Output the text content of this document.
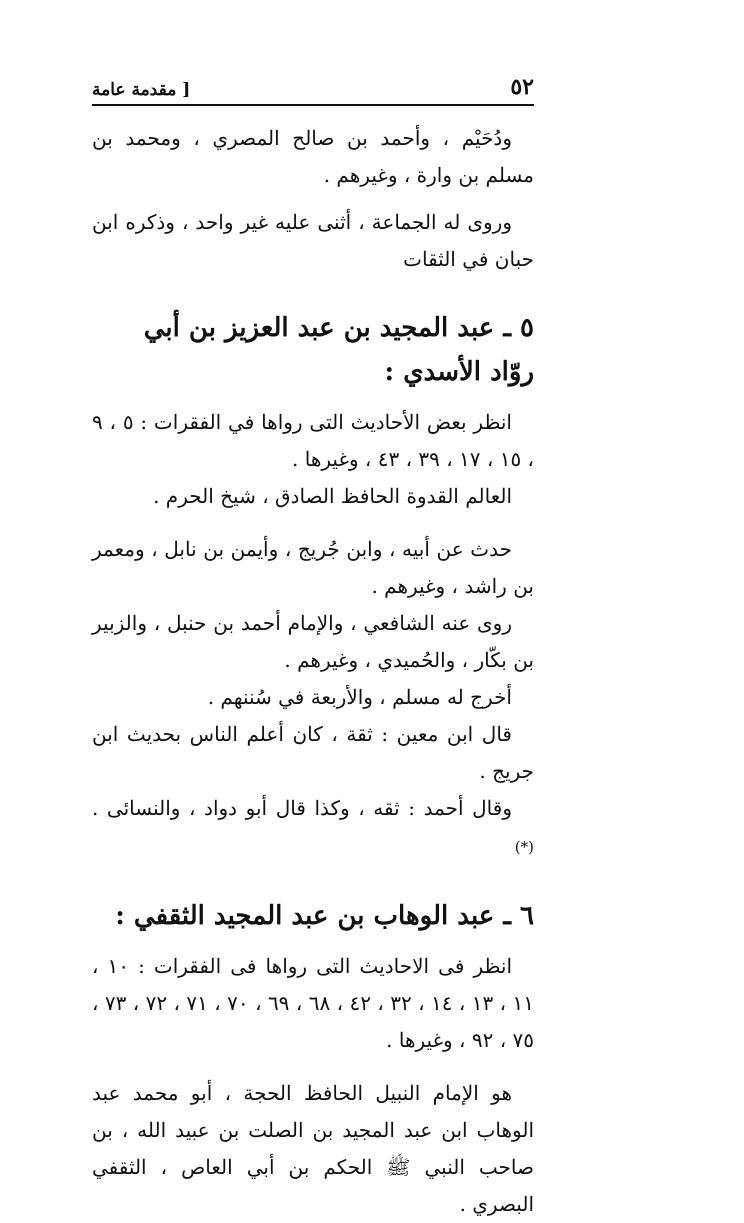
٥٢
[ مقدمة عامة

ودُحَيْم ، وأحمد بن صالح المصري ، ومحمد بن مسلم بن وارة ، وغيرهم .

وروى له الجماعة ، أثنى عليه غير واحد ، وذكره ابن حبان في الثقات

٥ ـ عبد المجيد بن عبد العزيز بن أبي روّاد الأسدي :

انظر بعض الأحاديث التى رواها في الفقرات : ٥ ، ٩ ، ١٥ ، ١٧ ، ٣٩ ، ٤٣ ، وغيرها .

العالم القدوة الحافظ الصادق ، شيخ الحرم .

حدث عن أبيه ، وابن جُريج ، وأيمن بن نابل ، ومعمر بن راشد ، وغيرهم .

روى عنه الشافعي ، والإمام أحمد بن حنبل ، والزبير بن بكّار ، والحُميدي ، وغيرهم .

أخرج له مسلم ، والأربعة في سُننهم .

قال ابن معين : ثقة ، كان أعلم الناس بحديث ابن جريج .

وقال أحمد : ثقه ، وكذا قال أبو دواد ، والنسائى . (*)

٦ ـ عبد الوهاب بن عبد المجيد الثقفي :

انظر فى الاحاديث التى رواها فى الفقرات : ١٠ ، ١١ ، ١٣ ، ١٤ ، ٣٢ ، ٤٢ ، ٦٨ ، ٦٩ ، ٧٠ ، ٧١ ، ٧٢ ، ٧٣ ، ٧٥ ، ٩٢ ، وغيرها .

هو الإمام النبيل الحافظ الحجة ، أبو محمد عبد الوهاب ابن عبد المجيد بن الصلت بن عبيد الله ، بن صاحب النبي ﷺ الحكم بن أبي العاص ، الثقفي البصري .
